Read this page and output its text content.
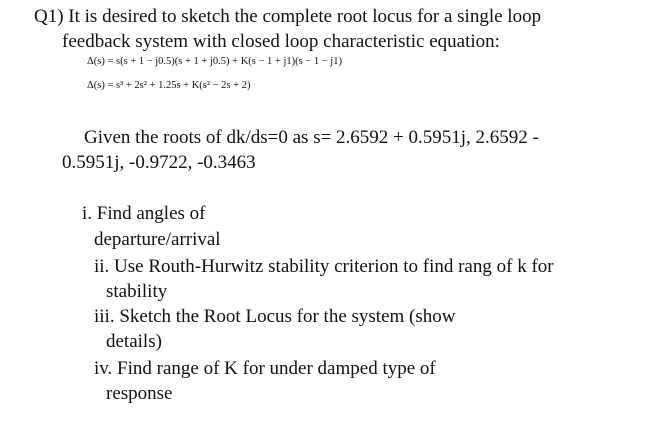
Q1) It is desired to sketch the complete root locus for a single loop
feedback system with closed loop characteristic equation:
Δ(s) = s(s + 1 − j0.5)(s + 1 + j0.5) + K(s − 1 + j1)(s − 1 − j1)
Δ(s) = s³ + 2s² + 1.25s + K(s² − 2s + 2)
Given the roots of dk/ds=0 as s= 2.6592 + 0.5951j, 2.6592 -
0.5951j, -0.9722, -0.3463
i. Find angles of
departure/arrival
ii. Use Routh-Hurwitz stability criterion to find rang of k for
stability
iii. Sketch the Root Locus for the system (show
details)
iv. Find range of K for under damped type of
response
